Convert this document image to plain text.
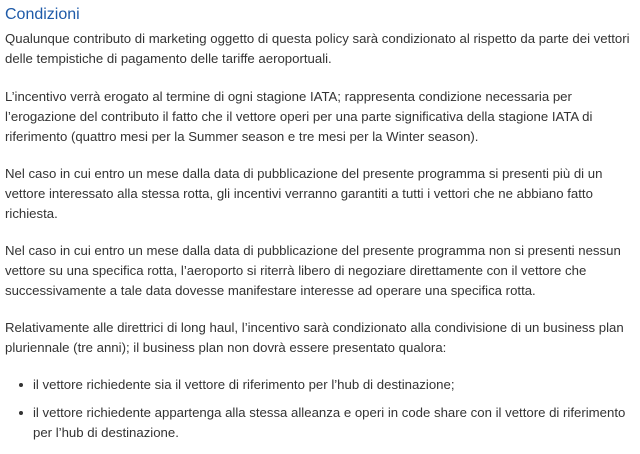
Condizioni

Qualunque contributo di marketing oggetto di questa policy sarà condizionato al rispetto da parte dei vettori delle tempistiche di pagamento delle tariffe aeroportuali.

L’incentivo verrà erogato al termine di ogni stagione IATA; rappresenta condizione necessaria per l’erogazione del contributo il fatto che il vettore operi per una parte significativa della stagione IATA di riferimento (quattro mesi per la Summer season e tre mesi per la Winter season).

Nel caso in cui entro un mese dalla data di pubblicazione del presente programma si presenti più di un vettore interessato alla stessa rotta, gli incentivi verranno garantiti a tutti i vettori che ne abbiano fatto richiesta.

Nel caso in cui entro un mese dalla data di pubblicazione del presente programma non si presenti nessun vettore su una specifica rotta, l’aeroporto si riterrà libero di negoziare direttamente con il vettore che successivamente a tale data dovesse manifestare interesse ad operare una specifica rotta.

Relativamente alle direttrici di long haul, l’incentivo sarà condizionato alla condivisione di un business plan pluriennale (tre anni); il business plan non dovrà essere presentato qualora:

il vettore richiedente sia il vettore di riferimento per l’hub di destinazione;
il vettore richiedente appartenga alla stessa alleanza e operi in code share con il vettore di riferimento per l’hub di destinazione.
